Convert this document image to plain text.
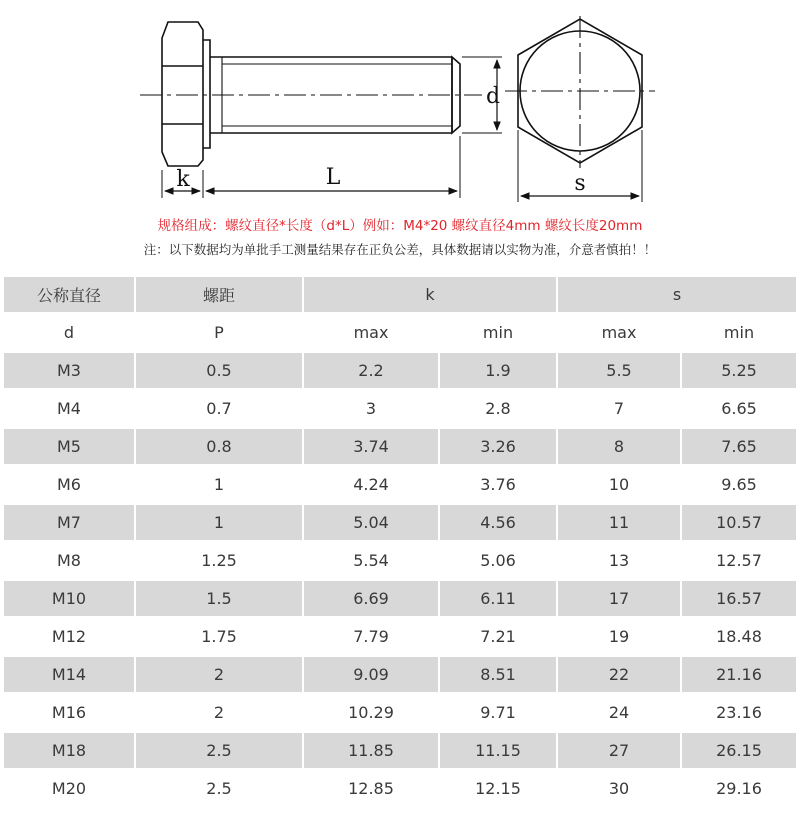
k	L
d
s
规格组成：螺纹直径*长度（d*L）例如：M4*20 螺纹直径4mm 螺纹长度20mm
注：以下数据均为单批手工测量结果存在正负公差，具体数据请以实物为准，介意者慎拍！！
公称直径	螺距	k		s	
d	P	max	min	max	min
M3	0.5	2.2	1.9	5.5	5.25
M4	0.7	3	2.8	7	6.65
M5	0.8	3.74	3.26	8	7.65
M6	1	4.24	3.76	10	9.65
M7	1	5.04	4.56	11	10.57
M8	1.25	5.54	5.06	13	12.57
M10	1.5	6.69	6.11	17	16.57
M12	1.75	7.79	7.21	19	18.48
M14	2	9.09	8.51	22	21.16
M16	2	10.29	9.71	24	23.16
M18	2.5	11.85	11.15	27	26.15
M20	2.5	12.85	12.15	30	29.16
